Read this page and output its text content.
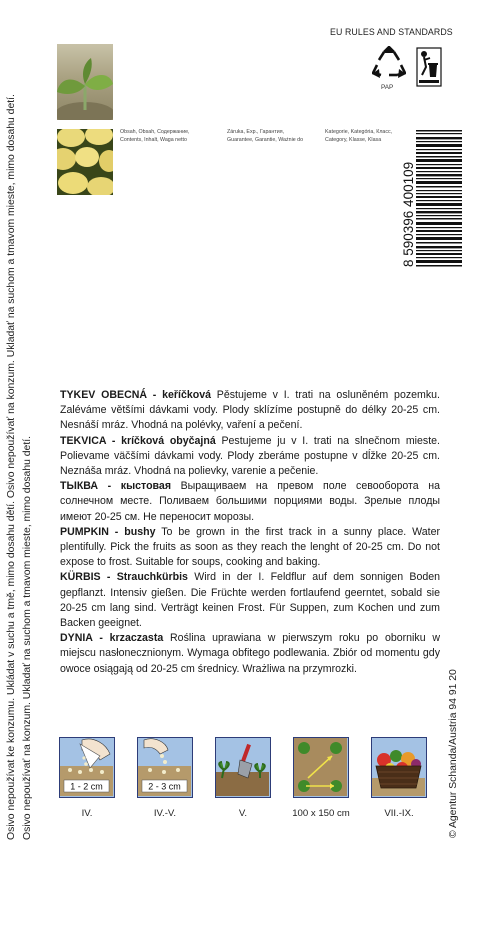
Osivo nepoužívat ke konzumu. Ukládat v suchu a tmě, mimo dosahu dětí. Osivo nepoužívať na konzum. Ukladať na suchom a tmavom mieste, mimo dosahu detí. Osivo nepoužívať na konzum. Ukladať na suchom a tmavom mieste, mimo dosahu detí.
Obsah, Obsah, Содержание,
Contents, Inhalt, Waga netto
Záruka, Exp., Гарантия,
Guarantee, Garantie, Ważnie do
Kategorie, Kategória, Класс,
Category, Klasse, Klasa
EU RULES AND STANDARDS
PAP
8 590396 400109

TYKEV OBECNÁ - keříčková Pěstujeme v I. trati na osluněném pozemku. Zaléváme většími dávkami vody. Plody sklízíme postupně do délky 20-25 cm. Nesnáší mráz. Vhodná na polévky, vaření a pečení.

TEKVICA - kríčková obyčajná Pestujeme ju v I. trati na slnečnom mieste. Polievame väčšími dávkami vody. Plody zberáme postupne v dĺžke 20-25 cm. Neznáša mráz. Vhodná na polievky, varenie a pečenie.

ТЫКВА - кыстовая Выращиваем на превом поле севооборота на солнечном месте. Поливаем большими порциями воды. Зрелые плоды имеют 20-25 см. Не переносит морозы.

PUMPKIN - bushy To be grown in the first track in a sunny place. Water plentifully. Pick the fruits as soon as they reach the lenght of 20-25 cm. Do not expose to frost. Suitable for soups, cooking and baking.

KÜRBIS - Strauchkürbis Wird in der I. Feldflur auf dem sonnigen Boden gepflanzt. Intensiv gießen. Die Früchte werden fortlaufend geerntet, sobald sie 20-25 cm lang sind. Verträgt keinen Frost. Für Suppen, zum Kochen und zum Backen geeignet.

DYNIA - krzaczasta Roślina uprawiana w pierwszym roku po oborniku w miejscu nasłonecznionym. Wymaga obfitego podlewania. Zbiór od momentu gdy owoce osiągają od 20-25 cm średnicy. Wrażliwa na przymrozki.

© Agentur Schanda/Austria 94 91 20
1 - 2 cm	2 - 3 cm
IV.	IV.-V.	V.	100 x 150 cm	VII.-IX.
